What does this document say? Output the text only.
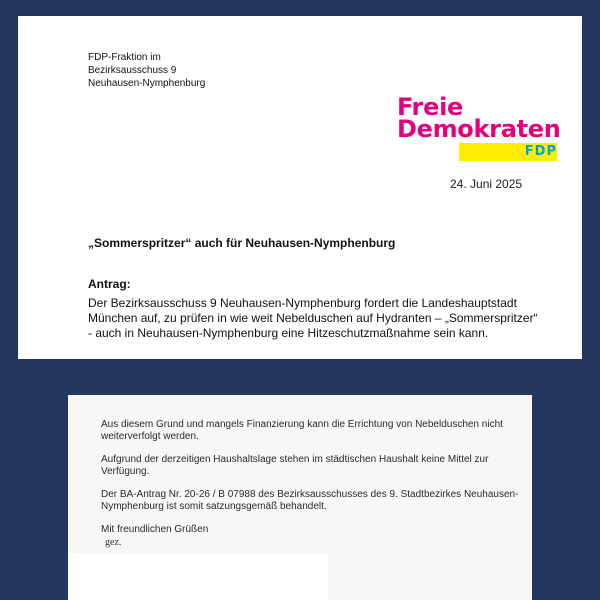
FDP-Fraktion im
Bezirksausschuss 9
Neuhausen-Nymphenburg
Freie
Demokraten
FDP
24. Juni 2025
„Sommerspritzer“ auch für Neuhausen-Nymphenburg
Antrag:
Der Bezirksausschuss 9 Neuhausen-Nymphenburg fordert die Landeshauptstadt
München auf, zu prüfen in wie weit Nebelduschen auf Hydranten – „Sommerspritzer“
- auch in Neuhausen-Nymphenburg eine Hitzeschutzmaßnahme sein kann.

Aus diesem Grund und mangels Finanzierung kann die Errichtung von Nebelduschen nicht
weiterverfolgt werden.

Aufgrund der derzeitigen Haushaltslage stehen im städtischen Haushalt keine Mittel zur
Verfügung.

Der BA-Antrag Nr. 20-26 / B 07988 des Bezirksausschusses des 9. Stadtbezirkes Neuhausen-
Nymphenburg ist somit satzungsgemäß behandelt.

Mit freundlichen Grüßen

gez.
